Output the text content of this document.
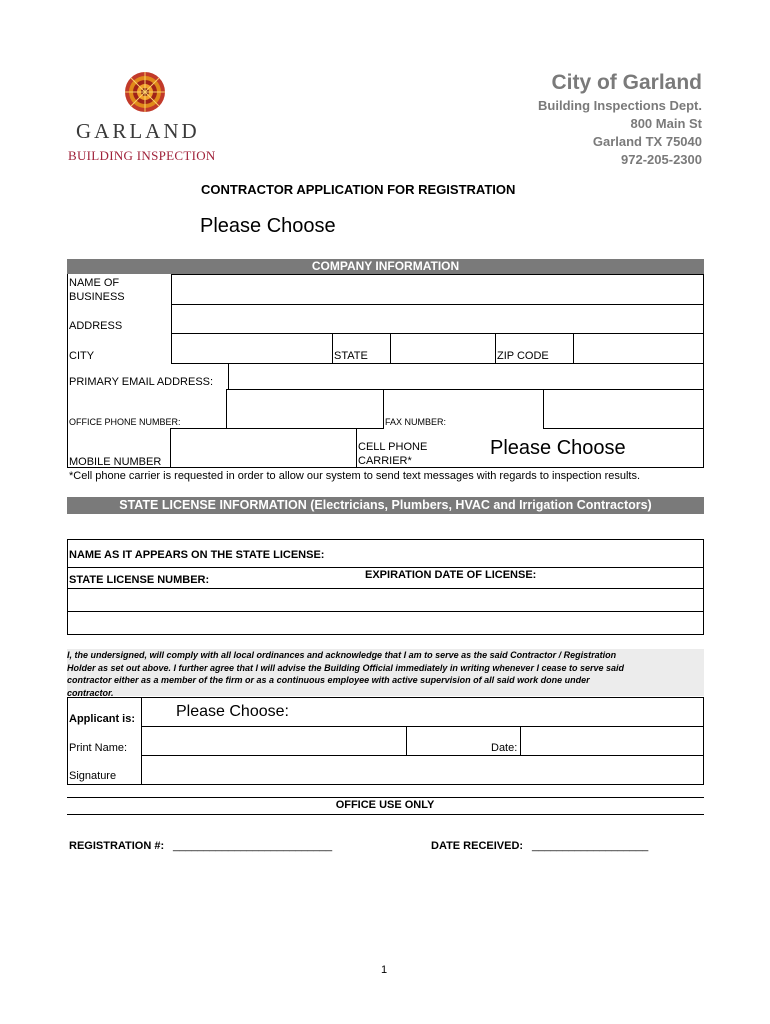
GARLAND
BUILDING INSPECTION
City of Garland
Building Inspections Dept.
800 Main St
Garland TX 75040
972-205-2300
CONTRACTOR APPLICATION FOR REGISTRATION
Please Choose
COMPANY INFORMATION
NAME OF
BUSINESS
ADDRESS
CITY	STATE	ZIP CODE
PRIMARY EMAIL ADDRESS:
OFFICE PHONE NUMBER:	FAX NUMBER:
MOBILE NUMBER
CELL PHONE
CARRIER*
Please Choose
*Cell phone carrier is requested in order to allow our system to send text messages with regards to inspection results.
STATE LICENSE INFORMATION (Electricians, Plumbers, HVAC and Irrigation Contractors)
NAME AS IT APPEARS ON THE STATE LICENSE:
STATE LICENSE NUMBER:	EXPIRATION DATE OF LICENSE:
I, the undersigned, will comply with all local ordinances and acknowledge that I am to serve as the said Contractor / Registration
Holder as set out above. I further agree that I will advise the Building Official immediately in writing whenever I cease to serve said
contractor either as a member of the firm or as a continuous employee with active supervision of all said work done under
contractor.
Applicant is:	Please Choose:
Print Name:	Date:
Signature
OFFICE USE ONLY
REGISTRATION #: __________________________	DATE RECEIVED: ___________________
1
